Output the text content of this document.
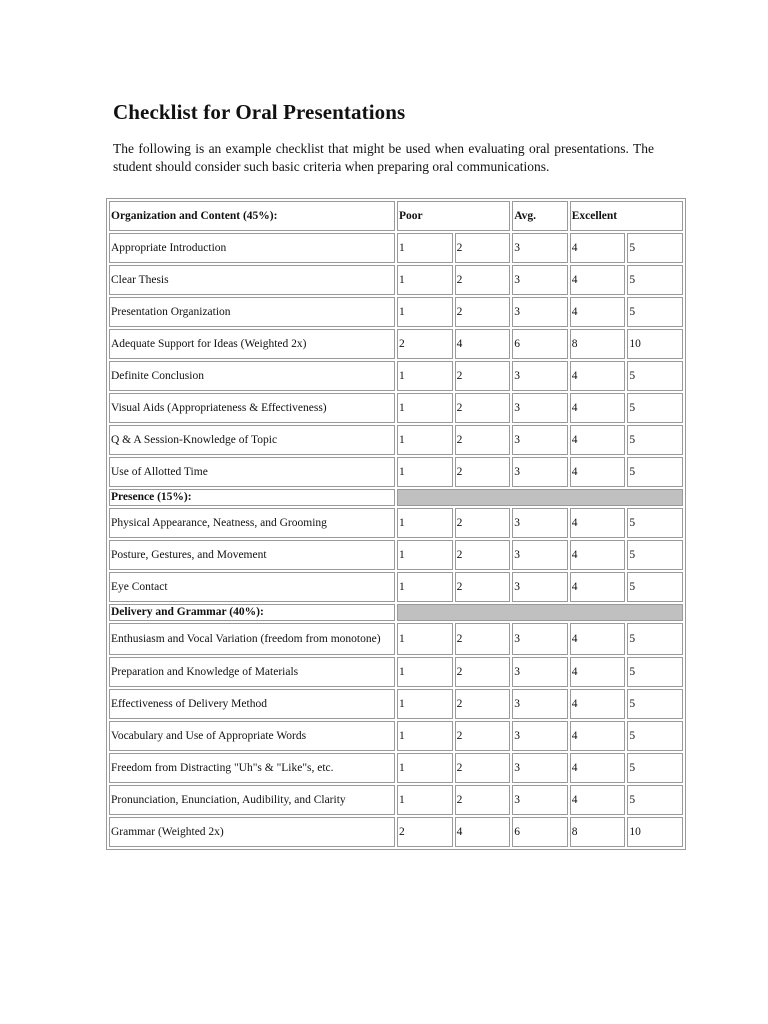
Checklist for Oral Presentations

The following is an example checklist that might be used when evaluating oral presentations. The student should consider such basic criteria when preparing oral communications.

Organization and Content (45%):	Poor		Avg.	Excellent	
Appropriate Introduction	1	2	3	4	5
Clear Thesis	1	2	3	4	5
Presentation Organization	1	2	3	4	5
Adequate Support for Ideas (Weighted 2x)	2	4	6	8	10
Definite Conclusion	1	2	3	4	5
Visual Aids (Appropriateness & Effectiveness)	1	2	3	4	5
Q & A Session-Knowledge of Topic	1	2	3	4	5
Use of Allotted Time	1	2	3	4	5
Presence (15%):					
Physical Appearance, Neatness, and Grooming	1	2	3	4	5
Posture, Gestures, and Movement	1	2	3	4	5
Eye Contact	1	2	3	4	5
Delivery and Grammar (40%):					
Enthusiasm and Vocal Variation (freedom from monotone)	1	2	3	4	5
Preparation and Knowledge of Materials	1	2	3	4	5
Effectiveness of Delivery Method	1	2	3	4	5
Vocabulary and Use of Appropriate Words	1	2	3	4	5
Freedom from Distracting "Uh"s & "Like"s, etc.	1	2	3	4	5
Pronunciation, Enunciation, Audibility, and Clarity	1	2	3	4	5
Grammar (Weighted 2x)	2	4	6	8	10
